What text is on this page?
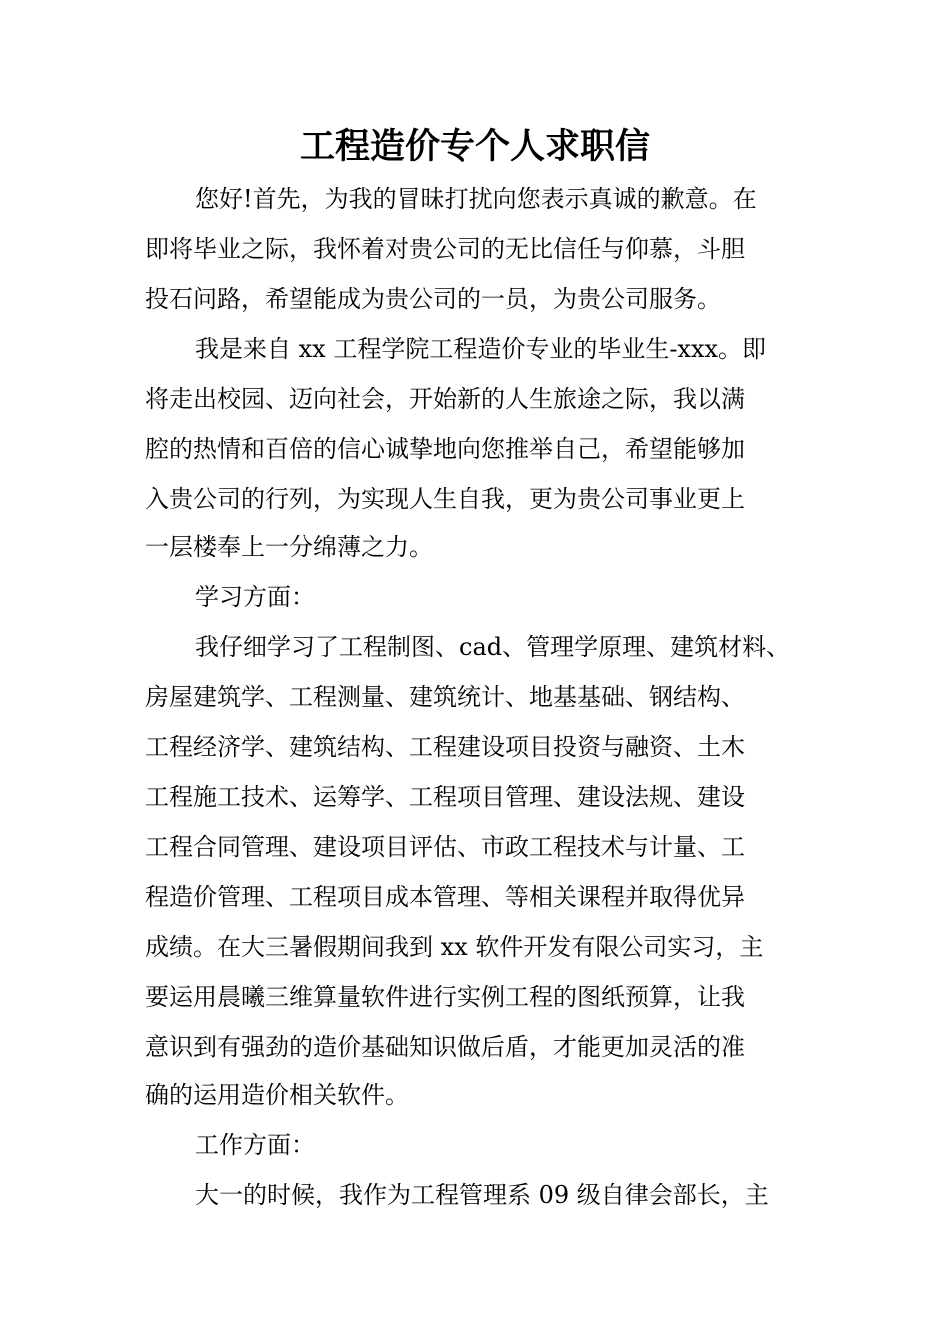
工程造价专个人求职信

您好!首先，为我的冒昧打扰向您表示真诚的歉意。在

即将毕业之际，我怀着对贵公司的无比信任与仰慕，斗胆

投石问路，希望能成为贵公司的一员，为贵公司服务。

我是来自 xx 工程学院工程造价专业的毕业生-xxx。即

将走出校园、迈向社会，开始新的人生旅途之际，我以满

腔的热情和百倍的信心诚挚地向您推举自己，希望能够加

入贵公司的行列，为实现人生自我，更为贵公司事业更上

一层楼奉上一分绵薄之力。

学习方面：

我仔细学习了工程制图、cad、管理学原理、建筑材料、

房屋建筑学、工程测量、建筑统计、地基基础、钢结构、

工程经济学、建筑结构、工程建设项目投资与融资、土木

工程施工技术、运筹学、工程项目管理、建设法规、建设

工程合同管理、建设项目评估、市政工程技术与计量、工

程造价管理、工程项目成本管理、等相关课程并取得优异

成绩。在大三暑假期间我到 xx 软件开发有限公司实习，主

要运用晨曦三维算量软件进行实例工程的图纸预算，让我

意识到有强劲的造价基础知识做后盾，才能更加灵活的准

确的运用造价相关软件。

工作方面：

大一的时候，我作为工程管理系 09 级自律会部长，主
